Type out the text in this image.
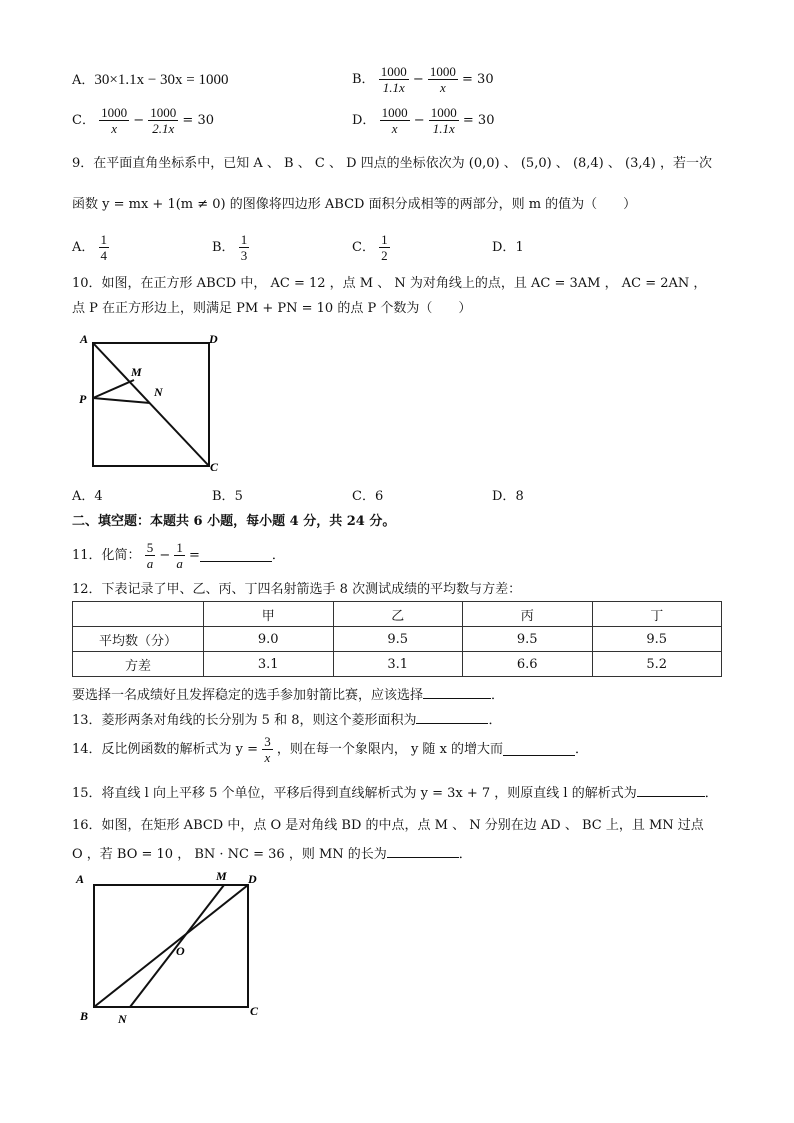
A．30×1.1x − 30x = 1000	B． $\frac{1000}{1.1x} - \frac{1000}{x} = 30$
C． $\frac{1000}{x} - \frac{1000}{2.1x} = 30$	D． $\frac{1000}{x} - \frac{1000}{1.1x} = 30$
9．在平面直角坐标系中，已知 A 、 B 、 C 、 D 四点的坐标依次为 (0,0) 、 (5,0) 、 (8,4) 、 (3,4) ，若一次
函数 y = mx + 1(m ≠ 0) 的图像将四边形 ABCD 面积分成相等的两部分，则 m 的值为（　　）
A． $\frac{1}{4}$	B． $\frac{1}{3}$	C． $\frac{1}{2}$	D．1
10．如图，在正方形 ABCD 中， AC = 12 ，点 M 、 N 为对角线上的点，且 AC = 3AM ， AC = 2AN ，
点 P 在正方形边上，则满足 PM + PN = 10 的点 P 个数为（　　）
A	D
M
N
P
C
A．4	B．5	C．6	D．8
二、填空题：本题共 6 小题，每小题 4 分，共 24 分。
11．化简： $\frac{5}{a} - \frac{1}{a}$ =	．
12．下表记录了甲、乙、丙、丁四名射箭选手 8 次测试成绩的平均数与方差：
	甲	乙	丙	丁
平均数（分）	9.0	9.5	9.5	9.5
方差	3.1	3.1	6.6	5.2
要选择一名成绩好且发挥稳定的选手参加射箭比赛，应该选择	．
13．菱形两条对角线的长分别为 5 和 8，则这个菱形面积为	．
14．反比例函数的解析式为 $y = \frac{3}{x}$ ，则在每一个象限内， y 随 x 的增大而	．
15．将直线 l 向上平移 5 个单位，平移后得到直线解析式为 y = 3x + 7 ，则原直线 l 的解析式为	．
16．如图，在矩形 ABCD 中，点 O 是对角线 BD 的中点，点 M 、 N 分别在边 AD 、 BC 上，且 MN 过点
O ，若 BO = 10 ， BN · NC = 36 ，则 MN 的长为	．
A	M D
O
B N
C
